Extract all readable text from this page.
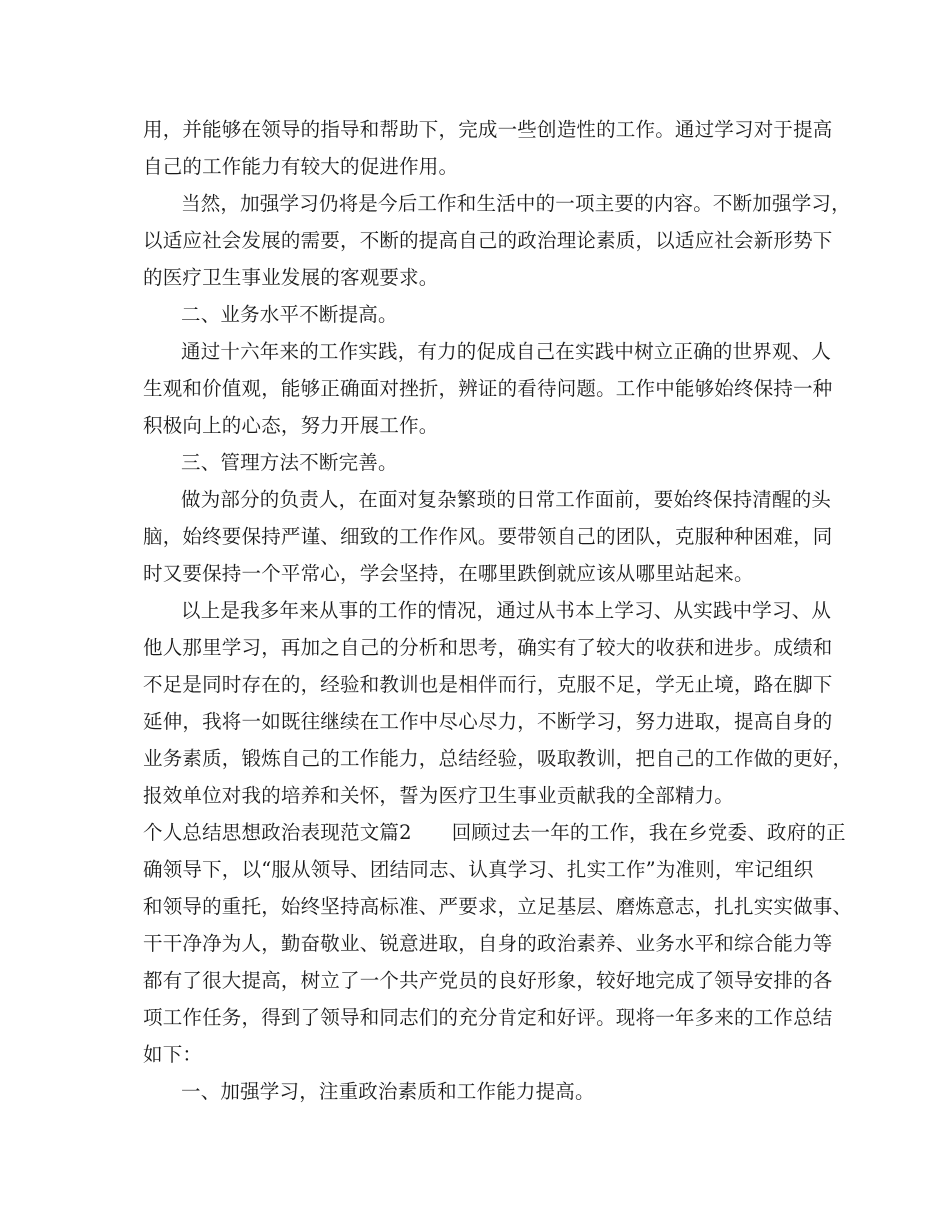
用，并能够在领导的指导和帮助下，完成一些创造性的工作。通过学习对于提高

自己的工作能力有较大的促进作用。

当然，加强学习仍将是今后工作和生活中的一项主要的内容。不断加强学习，

以适应社会发展的需要，不断的提高自己的政治理论素质，以适应社会新形势下

的医疗卫生事业发展的客观要求。

二、业务水平不断提高。

通过十六年来的工作实践，有力的促成自己在实践中树立正确的世界观、人

生观和价值观，能够正确面对挫折，辨证的看待问题。工作中能够始终保持一种

积极向上的心态，努力开展工作。

三、管理方法不断完善。

做为部分的负责人，在面对复杂繁琐的日常工作面前，要始终保持清醒的头

脑，始终要保持严谨、细致的工作作风。要带领自己的团队，克服种种困难，同

时又要保持一个平常心，学会坚持，在哪里跌倒就应该从哪里站起来。

以上是我多年来从事的工作的情况，通过从书本上学习、从实践中学习、从

他人那里学习，再加之自己的分析和思考，确实有了较大的收获和进步。成绩和

不足是同时存在的，经验和教训也是相伴而行，克服不足，学无止境，路在脚下

延伸，我将一如既往继续在工作中尽心尽力，不断学习，努力进取，提高自身的

业务素质，锻炼自己的工作能力，总结经验，吸取教训，把自己的工作做的更好，

报效单位对我的培养和关怀，誓为医疗卫生事业贡献我的全部精力。

个人总结思想政治表现范文篇2 回顾过去一年的工作，我在乡党委、政府的正

确领导下，以“服从领导、团结同志、认真学习、扎实工作”为准则，牢记组织

和领导的重托，始终坚持高标准、严要求，立足基层、磨炼意志，扎扎实实做事、

干干净净为人，勤奋敬业、锐意进取，自身的政治素养、业务水平和综合能力等

都有了很大提高，树立了一个共产党员的良好形象，较好地完成了领导安排的各

项工作任务，得到了领导和同志们的充分肯定和好评。现将一年多来的工作总结

如下：

一、加强学习，注重政治素质和工作能力提高。
